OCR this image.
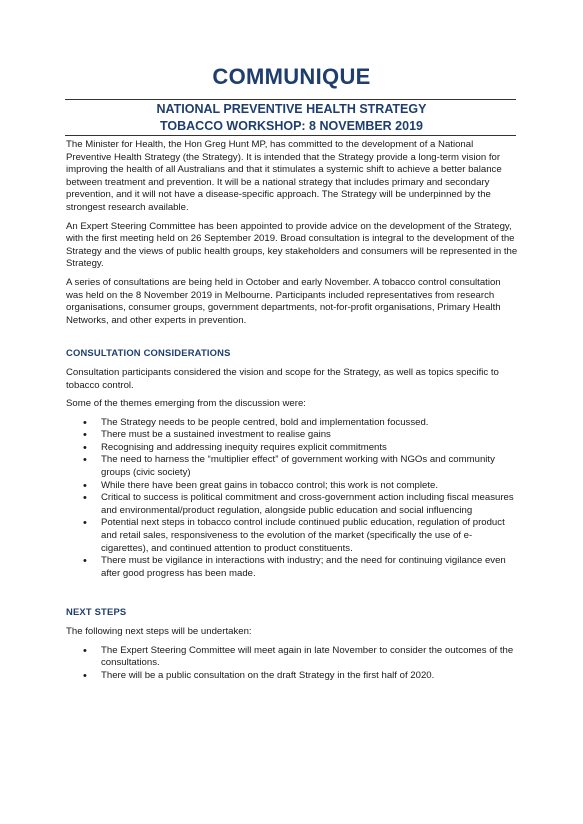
COMMUNIQUE
NATIONAL PREVENTIVE HEALTH STRATEGY
TOBACCO WORKSHOP: 8 NOVEMBER 2019

The Minister for Health, the Hon Greg Hunt MP, has committed to the development of a National Preventive Health Strategy (the Strategy). It is intended that the Strategy provide a long-term vision for improving the health of all Australians and that it stimulates a systemic shift to achieve a better balance between treatment and prevention. It will be a national strategy that includes primary and secondary prevention, and it will not have a disease-specific approach. The Strategy will be underpinned by the strongest research available.

An Expert Steering Committee has been appointed to provide advice on the development of the Strategy, with the first meeting held on 26 September 2019. Broad consultation is integral to the development of the Strategy and the views of public health groups, key stakeholders and consumers will be represented in the Strategy.

A series of consultations are being held in October and early November. A tobacco control consultation was held on the 8 November 2019 in Melbourne. Participants included representatives from research organisations, consumer groups, government departments, not-for-profit organisations, Primary Health Networks, and other experts in prevention.

CONSULTATION CONSIDERATIONS

Consultation participants considered the vision and scope for the Strategy, as well as topics specific to tobacco control.

Some of the themes emerging from the discussion were:

• The Strategy needs to be people centred, bold and implementation focussed.
• There must be a sustained investment to realise gains
• Recognising and addressing inequity requires explicit commitments
• The need to harness the “multiplier effect” of government working with NGOs and community groups (civic society)
• While there have been great gains in tobacco control; this work is not complete.
• Critical to success is political commitment and cross-government action including fiscal measures and environmental/product regulation, alongside public education and social influencing
• Potential next steps in tobacco control include continued public education, regulation of product and retail sales, responsiveness to the evolution of the market (specifically the use of e-cigarettes), and continued attention to product constituents.
• There must be vigilance in interactions with industry; and the need for continuing vigilance even after good progress has been made.
NEXT STEPS

The following next steps will be undertaken:

• The Expert Steering Committee will meet again in late November to consider the outcomes of the consultations.
• There will be a public consultation on the draft Strategy in the first half of 2020.
